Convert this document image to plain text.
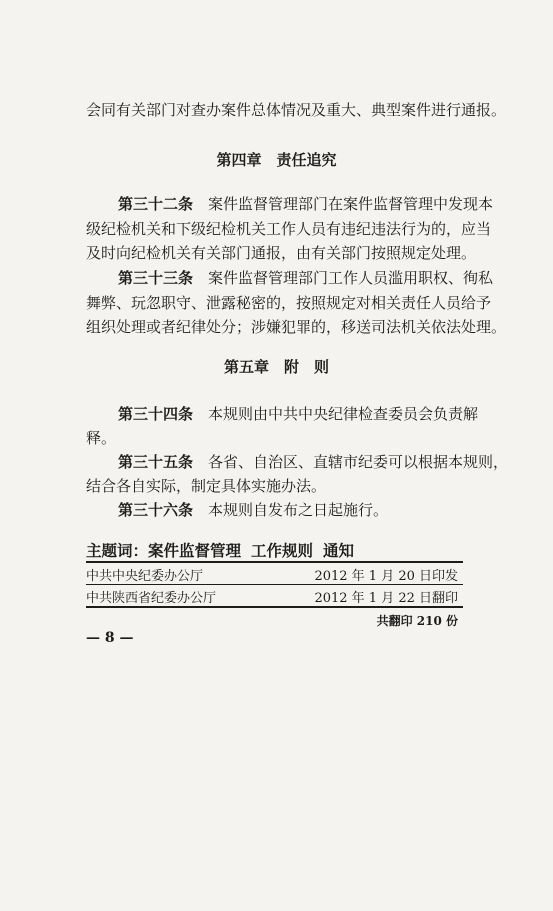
会同有关部门对查办案件总体情况及重大、典型案件进行通报。
第四章　责任追究
第三十二条　 案件监督管理部门在案件监督管理中发现本
级纪检机关和下级纪检机关工作人员有违纪违法行为的，应当
及时向纪检机关有关部门通报，由有关部门按照规定处理。
第三十三条　 案件监督管理部门工作人员滥用职权、徇私
舞弊、玩忽职守、泄露秘密的，按照规定对相关责任人员给予
组织处理或者纪律处分；涉嫌犯罪的，移送司法机关依法处理。
第五章　附　则
第三十四条　 本规则由中共中央纪律检查委员会负责解
释。
第三十五条　 各省、自治区、直辖市纪委可以根据本规则，
结合各自实际，制定具体实施办法。
第三十六条　 本规则自发布之日起施行。
主题词：案件监督管理 工作规则 通知
中共中央纪委办公厅	2012 年 1 月 20 日印发
中共陕西省纪委办公厅	2012 年 1 月 22 日翻印
共翻印 210 份
— 8 —
